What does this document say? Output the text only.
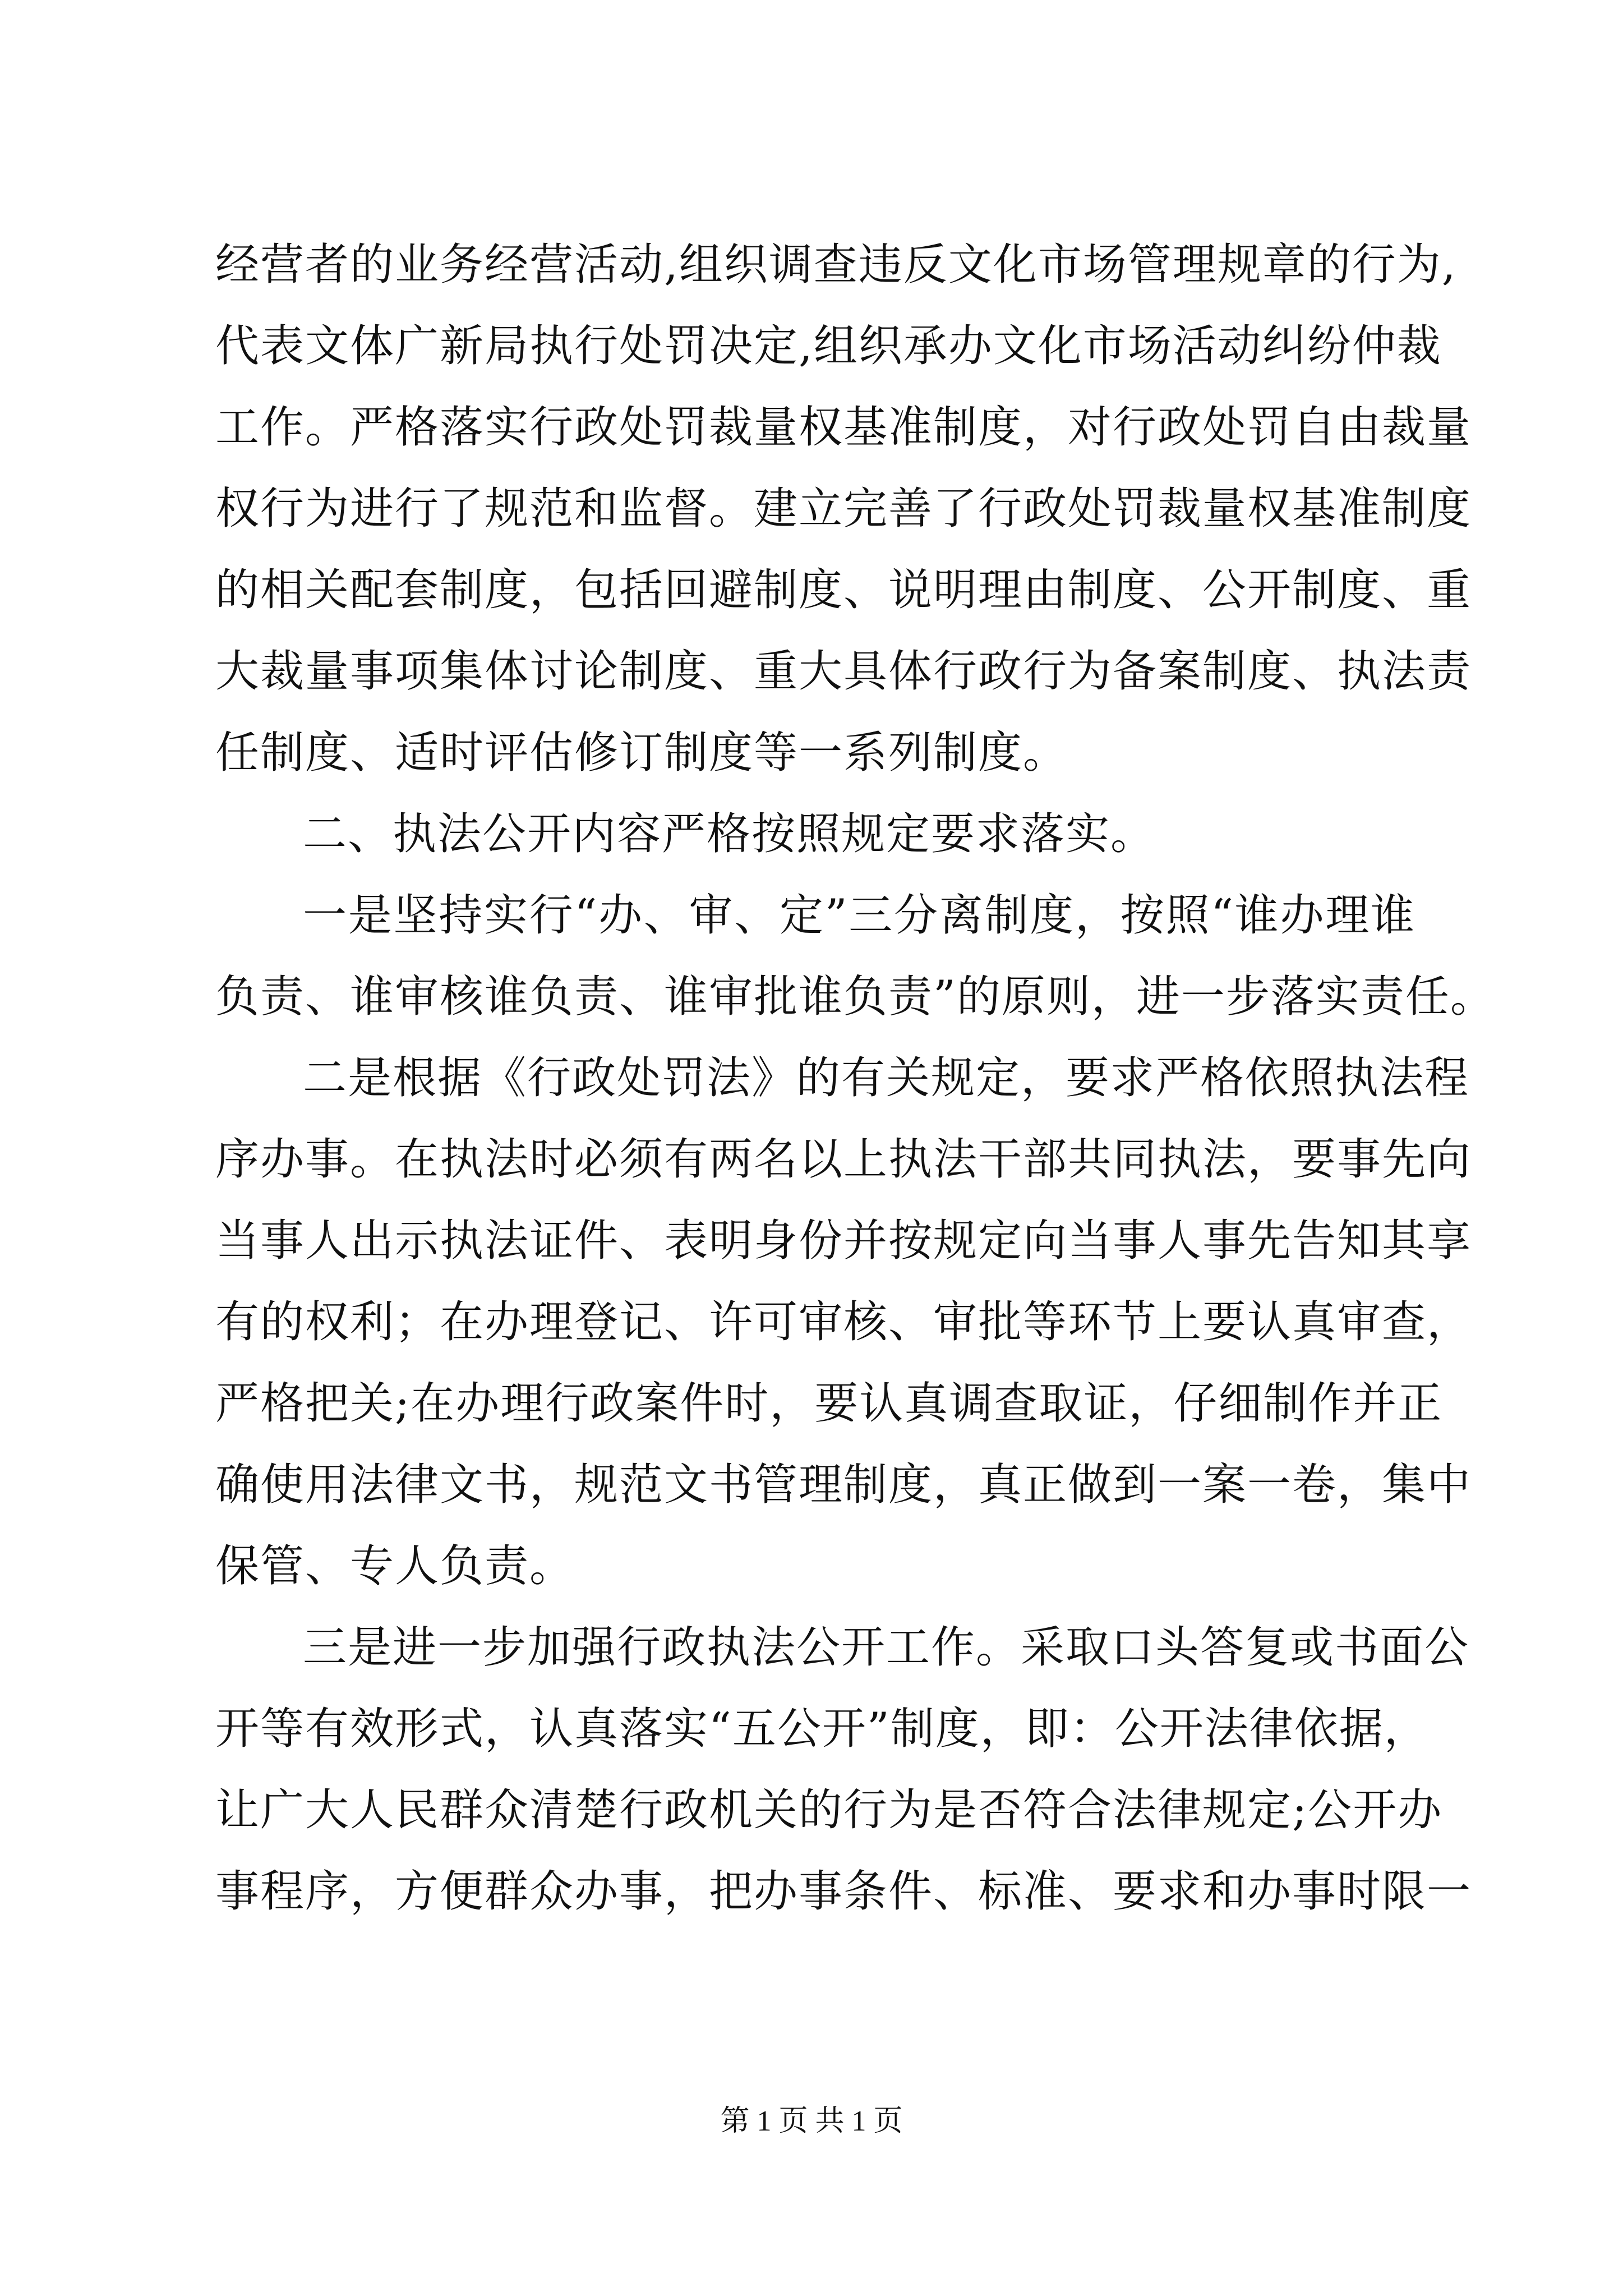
经营者的业务经营活动,组织调查违反文化市场管理规章的行为,
代表文体广新局执行处罚决定,组织承办文化市场活动纠纷仲裁
工作。严格落实行政处罚裁量权基准制度，对行政处罚自由裁量
权行为进行了规范和监督。建立完善了行政处罚裁量权基准制度
的相关配套制度，包括回避制度、说明理由制度、公开制度、重
大裁量事项集体讨论制度、重大具体行政行为备案制度、执法责
任制度、适时评估修订制度等一系列制度。

二、执法公开内容严格按照规定要求落实。

一是坚持实行“办、审、定”三分离制度，按照“谁办理谁
负责、谁审核谁负责、谁审批谁负责”的原则，进一步落实责任。

二是根据《行政处罚法》的有关规定，要求严格依照执法程
序办事。在执法时必须有两名以上执法干部共同执法，要事先向
当事人出示执法证件、表明身份并按规定向当事人事先告知其享
有的权利；在办理登记、许可审核、审批等环节上要认真审查，
严格把关;在办理行政案件时，要认真调查取证，仔细制作并正
确使用法律文书，规范文书管理制度，真正做到一案一卷，集中
保管、专人负责。

三是进一步加强行政执法公开工作。采取口头答复或书面公
开等有效形式，认真落实“五公开”制度，即：公开法律依据，
让广大人民群众清楚行政机关的行为是否符合法律规定;公开办
事程序，方便群众办事，把办事条件、标准、要求和办事时限一

第 1 页 共 1 页
